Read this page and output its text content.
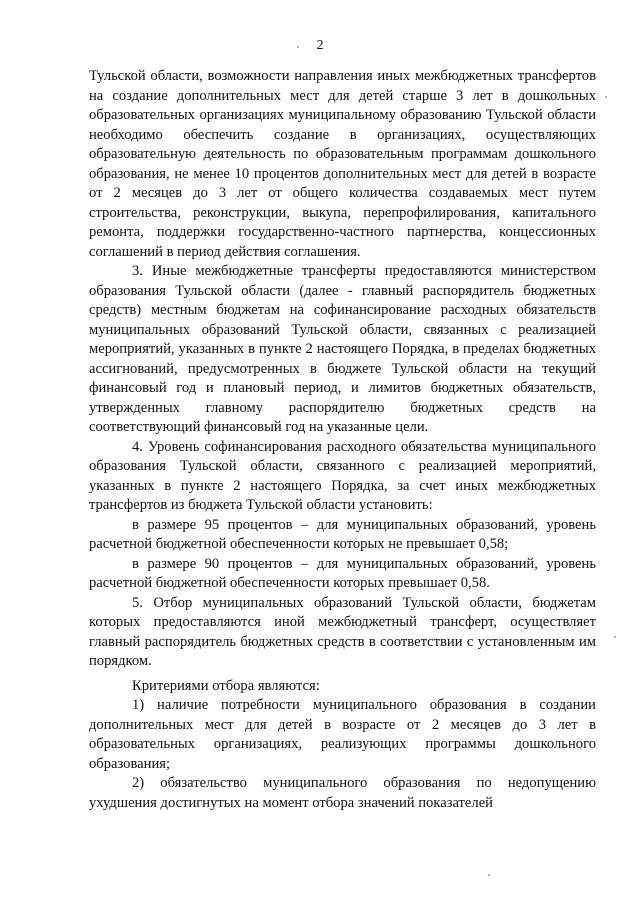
2

Тульской области, возможности направления иных межбюджетных трансфертов на создание дополнительных мест для детей старше 3 лет в дошкольных образовательных организациях муниципальному образованию Тульской области необходимо обеспечить создание в организациях, осуществляющих образовательную деятельность по образовательным программам дошкольного образования, не менее 10 процентов дополнительных мест для детей в возрасте от 2 месяцев до 3 лет от общего количества создаваемых мест путем строительства, реконструкции, выкупа, перепрофилирования, капитального ремонта, поддержки государственно-частного партнерства, концессионных соглашений в период действия соглашения.

3. Иные межбюджетные трансферты предоставляются министерством образования Тульской области (далее - главный распорядитель бюджетных средств) местным бюджетам на софинансирование расходных обязательств муниципальных образований Тульской области, связанных с реализацией мероприятий, указанных в пункте 2 настоящего Порядка, в пределах бюджетных ассигнований, предусмотренных в бюджете Тульской области на текущий финансовый год и плановый период, и лимитов бюджетных обязательств, утвержденных главному распорядителю бюджетных средств на соответствующий финансовый год на указанные цели.

4. Уровень софинансирования расходного обязательства муниципального образования Тульской области, связанного с реализацией мероприятий, указанных в пункте 2 настоящего Порядка, за счет иных межбюджетных трансфертов из бюджета Тульской области установить:

в размере 95 процентов – для муниципальных образований, уровень расчетной бюджетной обеспеченности которых не превышает 0,58;

в размере 90 процентов – для муниципальных образований, уровень расчетной бюджетной обеспеченности которых превышает 0,58.

5. Отбор муниципальных образований Тульской области, бюджетам которых предоставляются иной межбюджетный трансферт, осуществляет главный распорядитель бюджетных средств в соответствии с установленным им порядком.

Критериями отбора являются:

1) наличие потребности муниципального образования в создании дополнительных мест для детей в возрасте от 2 месяцев до 3 лет в образовательных организациях, реализующих программы дошкольного образования;

2) обязательство муниципального образования по недопущению ухудшения достигнутых на момент отбора значений показателей
